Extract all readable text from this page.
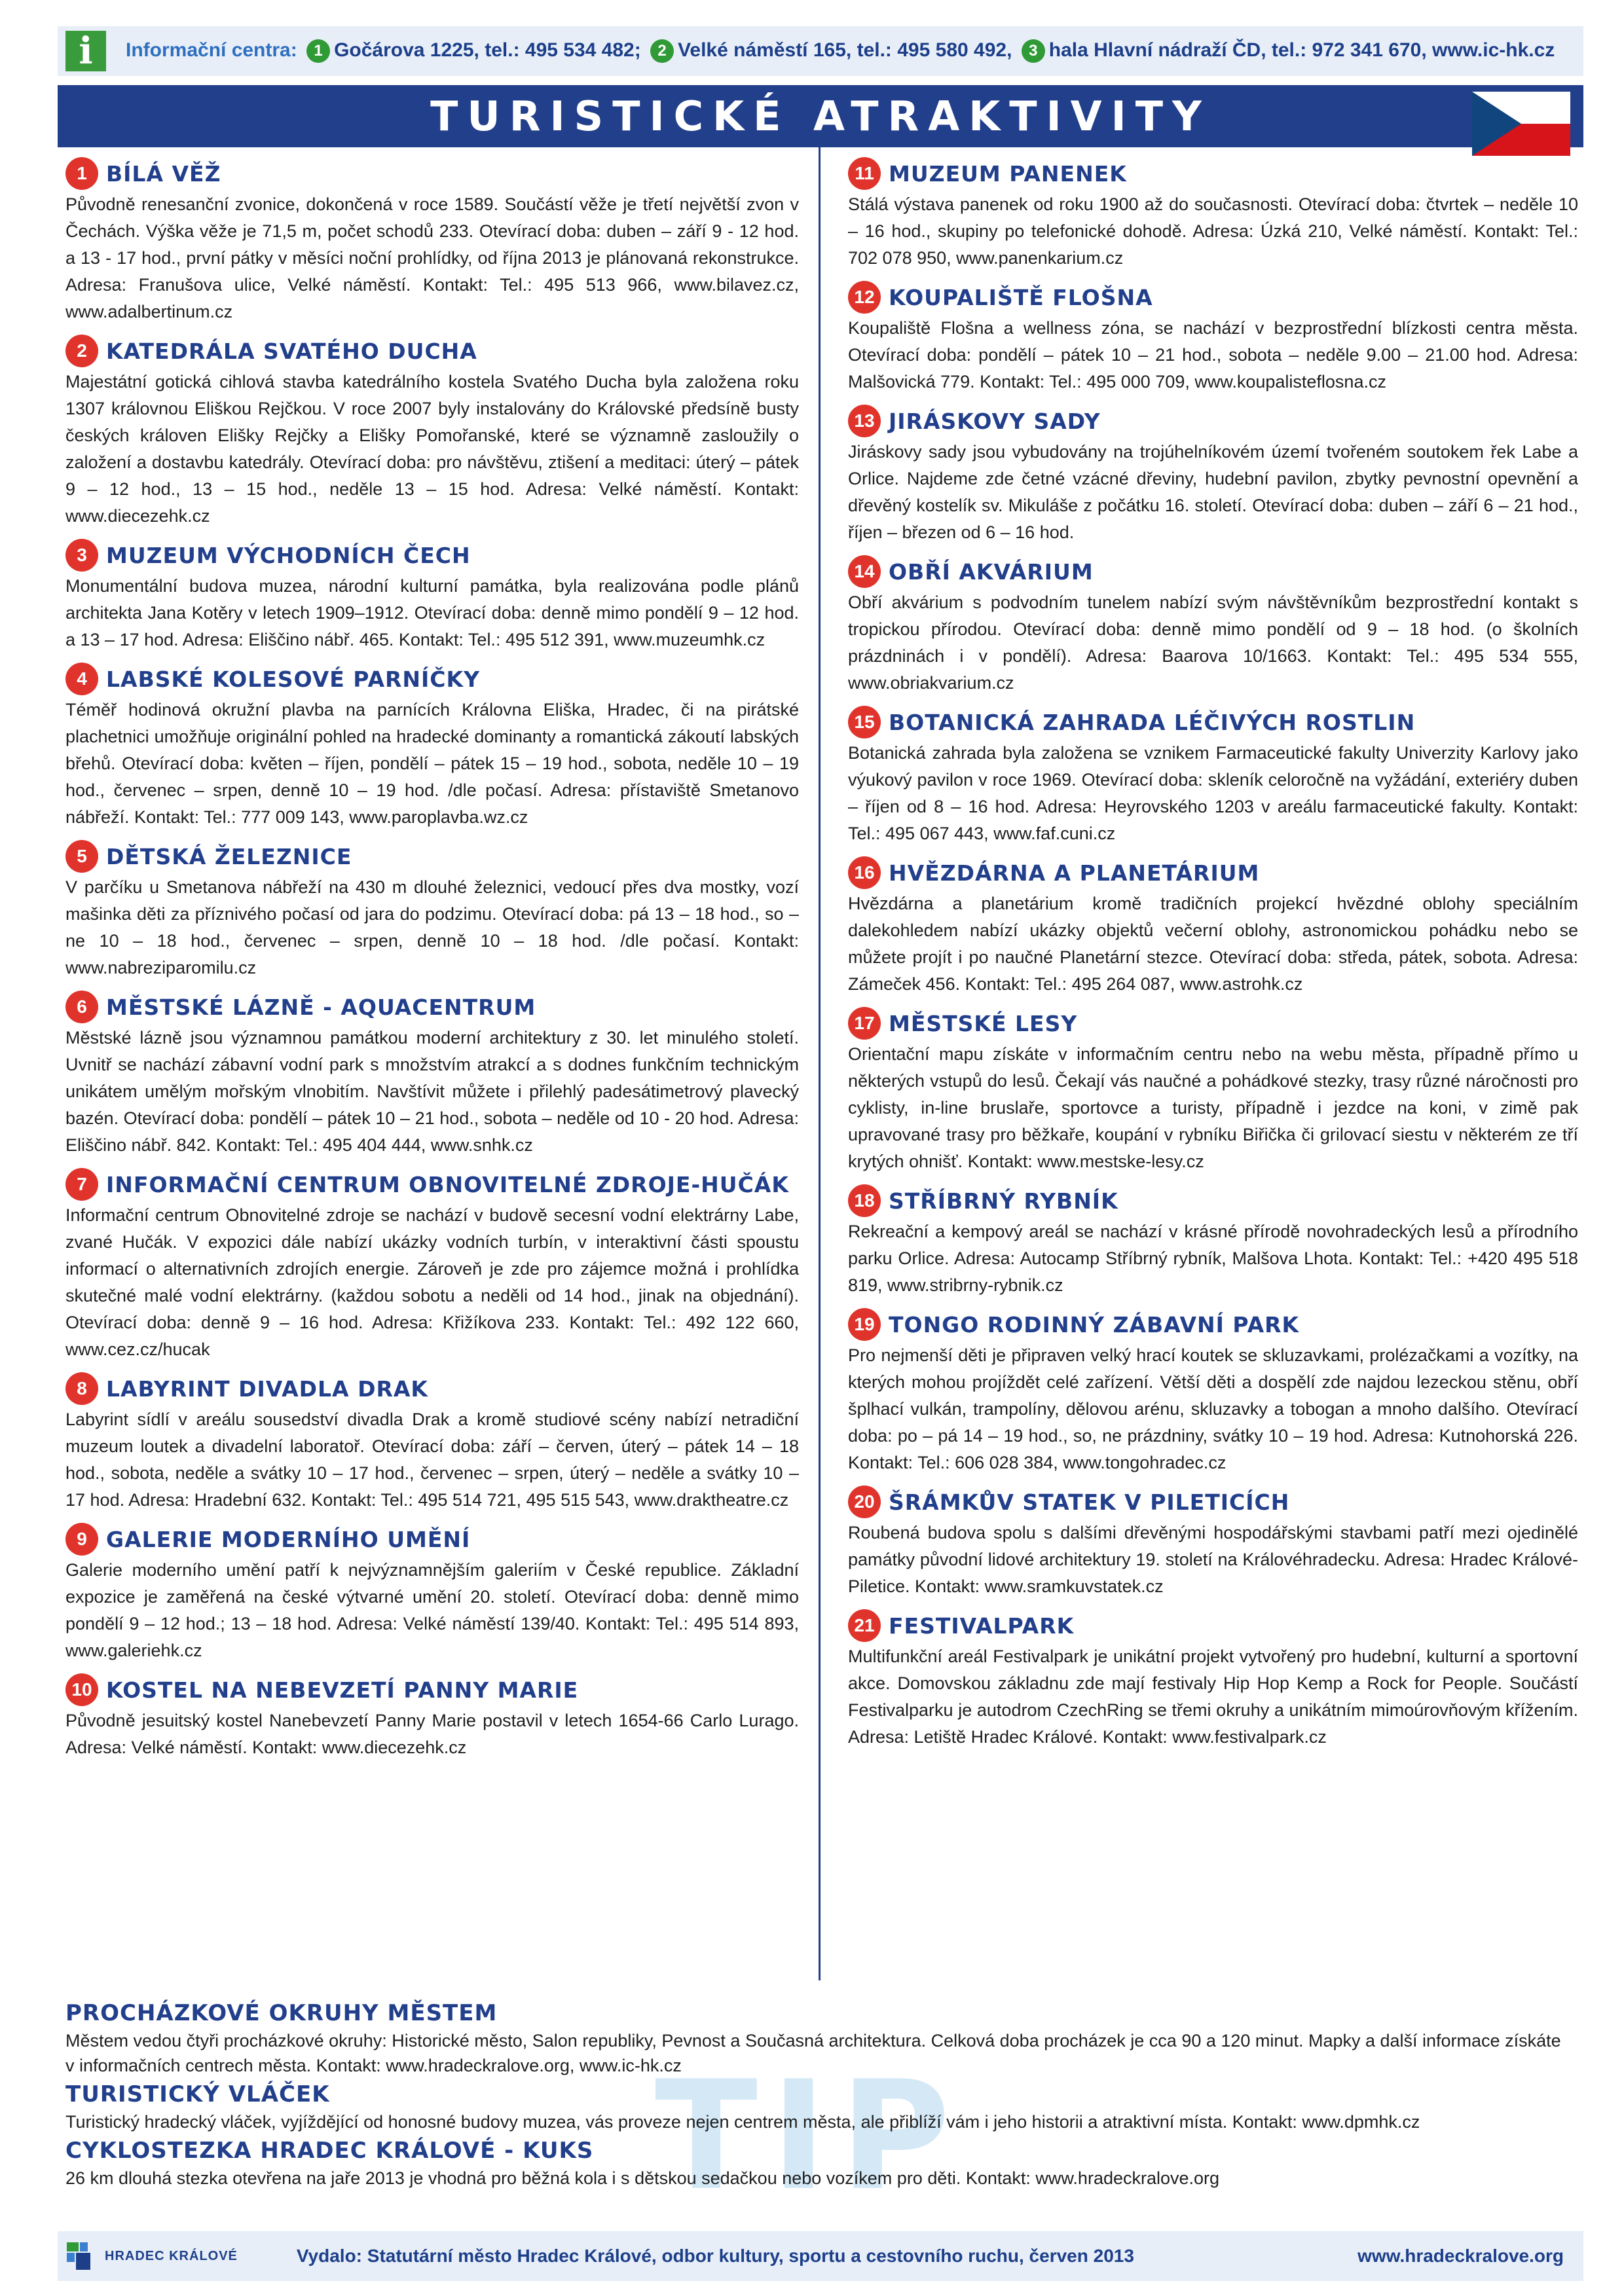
i	Informační centra: 1 Gočárova 1225, tel.: 495 534 482; 2 Velké náměstí 165, tel.: 495 580 492, 3 hala Hlavní nádraží ČD, tel.: 972 341 670, www.ic-hk.cz
TURISTICKÉ ATRAKTIVITY
1 BÍLÁ VĚŽ
Původně renesanční zvonice, dokončená v roce 1589. Součástí věže je třetí největší zvon v Čechách. Výška věže je 71,5 m, počet schodů 233. Otevírací doba: duben – září 9 - 12 hod. a 13 - 17 hod., první pátky v měsíci noční prohlídky, od října 2013 je plánovaná rekonstrukce. Adresa: Franušova ulice, Velké náměstí. Kontakt: Tel.: 495 513 966, www.bilavez.cz, www.adalbertinum.cz
2 KATEDRÁLA SVATÉHO DUCHA
Majestátní gotická cihlová stavba katedrálního kostela Svatého Ducha byla založena roku 1307 královnou Eliškou Rejčkou. V roce 2007 byly instalovány do Královské předsíně busty českých královen Elišky Rejčky a Elišky Pomořanské, které se významně zasloužily o založení a dostavbu katedrály. Otevírací doba: pro návštěvu, ztišení a meditaci: úterý – pátek 9 – 12 hod., 13 – 15 hod., neděle 13 – 15 hod. Adresa: Velké náměstí. Kontakt: www.diecezehk.cz
3 MUZEUM VÝCHODNÍCH ČECH
Monumentální budova muzea, národní kulturní památka, byla realizována podle plánů architekta Jana Kotěry v letech 1909–1912. Otevírací doba: denně mimo pondělí 9 – 12 hod. a 13 – 17 hod. Adresa: Eliščino nábř. 465. Kontakt: Tel.: 495 512 391, www.muzeumhk.cz
4 LABSKÉ KOLESOVÉ PARNÍČKY
Téměř hodinová okružní plavba na parnících Královna Eliška, Hradec, či na pirátské plachetnici umožňuje originální pohled na hradecké dominanty a romantická zákoutí labských břehů. Otevírací doba: květen – říjen, pondělí – pátek 15 – 19 hod., sobota, neděle 10 – 19 hod., červenec – srpen, denně 10 – 19 hod. /dle počasí. Adresa: přístaviště Smetanovo nábřeží. Kontakt: Tel.: 777 009 143, www.paroplavba.wz.cz
5 DĚTSKÁ ŽELEZNICE
V parčíku u Smetanova nábřeží na 430 m dlouhé železnici, vedoucí přes dva mostky, vozí mašinka děti za příznivého počasí od jara do podzimu. Otevírací doba: pá 13 – 18 hod., so – ne 10 – 18 hod., červenec – srpen, denně 10 – 18 hod. /dle počasí. Kontakt: www.nabreziparomilu.cz
6 MĚSTSKÉ LÁZNĚ - AQUACENTRUM
Městské lázně jsou významnou památkou moderní architektury z 30. let minulého století. Uvnitř se nachází zábavní vodní park s množstvím atrakcí a s dodnes funkčním technickým unikátem umělým mořským vlnobitím. Navštívit můžete i přilehlý padesátimetrový plavecký bazén. Otevírací doba: pondělí – pátek 10 – 21 hod., sobota – neděle od 10 - 20 hod. Adresa: Eliščino nábř. 842. Kontakt: Tel.: 495 404 444, www.snhk.cz
7 INFORMAČNÍ CENTRUM OBNOVITELNÉ ZDROJE-HUČÁK
Informační centrum Obnovitelné zdroje se nachází v budově secesní vodní elektrárny Labe, zvané Hučák. V expozici dále nabízí ukázky vodních turbín, v interaktivní části spoustu informací o alternativních zdrojích energie. Zároveň je zde pro zájemce možná i prohlídka skutečné malé vodní elektrárny. (každou sobotu a neděli od 14 hod., jinak na objednání). Otevírací doba: denně 9 – 16 hod. Adresa: Křižíkova 233. Kontakt: Tel.: 492 122 660, www.cez.cz/hucak
8 LABYRINT DIVADLA DRAK
Labyrint sídlí v areálu sousedství divadla Drak a kromě studiové scény nabízí netradiční muzeum loutek a divadelní laboratoř. Otevírací doba: září – červen, úterý – pátek 14 – 18 hod., sobota, neděle a svátky 10 – 17 hod., červenec – srpen, úterý – neděle a svátky 10 – 17 hod. Adresa: Hradební 632. Kontakt: Tel.: 495 514 721, 495 515 543, www.draktheatre.cz
9 GALERIE MODERNÍHO UMĚNÍ
Galerie moderního umění patří k nejvýznamnějším galeriím v České republice. Základní expozice je zaměřená na české výtvarné umění 20. století. Otevírací doba: denně mimo pondělí 9 – 12 hod.; 13 – 18 hod. Adresa: Velké náměstí 139/40. Kontakt: Tel.: 495 514 893, www.galeriehk.cz
10 KOSTEL NA NEBEVZETÍ PANNY MARIE
Původně jesuitský kostel Nanebevzetí Panny Marie postavil v letech 1654-66 Carlo Lurago. Adresa: Velké náměstí. Kontakt: www.diecezehk.cz
11 MUZEUM PANENEK
Stálá výstava panenek od roku 1900 až do současnosti. Otevírací doba: čtvrtek – neděle 10 – 16 hod., skupiny po telefonické dohodě. Adresa: Úzká 210, Velké náměstí. Kontakt: Tel.: 702 078 950, www.panenkarium.cz
12 KOUPALIŠTĚ FLOŠNA
Koupaliště Flošna a wellness zóna, se nachází v bezprostřední blízkosti centra města. Otevírací doba: pondělí – pátek 10 – 21 hod., sobota – neděle 9.00 – 21.00 hod. Adresa: Malšovická 779. Kontakt: Tel.: 495 000 709, www.koupalisteflosna.cz
13 JIRÁSKOVY SADY
Jiráskovy sady jsou vybudovány na trojúhelníkovém území tvořeném soutokem řek Labe a Orlice. Najdeme zde četné vzácné dřeviny, hudební pavilon, zbytky pevnostní opevnění a dřevěný kostelík sv. Mikuláše z počátku 16. století. Otevírací doba: duben – září 6 – 21 hod., říjen – březen od 6 – 16 hod.
14 OBŘÍ AKVÁRIUM
Obří akvárium s podvodním tunelem nabízí svým návštěvníkům bezprostřední kontakt s tropickou přírodou. Otevírací doba: denně mimo pondělí od 9 – 18 hod. (o školních prázdninách i v pondělí). Adresa: Baarova 10/1663. Kontakt: Tel.: 495 534 555, www.obriakvarium.cz
15 BOTANICKÁ ZAHRADA LÉČIVÝCH ROSTLIN
Botanická zahrada byla založena se vznikem Farmaceutické fakulty Univerzity Karlovy jako výukový pavilon v roce 1969. Otevírací doba: skleník celoročně na vyžádání, exteriéry duben – říjen od 8 – 16 hod. Adresa: Heyrovského 1203 v areálu farmaceutické fakulty. Kontakt: Tel.: 495 067 443, www.faf.cuni.cz
16 HVĚZDÁRNA A PLANETÁRIUM
Hvězdárna a planetárium kromě tradičních projekcí hvězdné oblohy speciálním dalekohledem nabízí ukázky objektů večerní oblohy, astronomickou pohádku nebo se můžete projít i po naučné Planetární stezce. Otevírací doba: středa, pátek, sobota. Adresa: Zámeček 456. Kontakt: Tel.: 495 264 087, www.astrohk.cz
17 MĚSTSKÉ LESY
Orientační mapu získáte v informačním centru nebo na webu města, případně přímo u některých vstupů do lesů. Čekají vás naučné a pohádkové stezky, trasy různé náročnosti pro cyklisty, in-line bruslaře, sportovce a turisty, případně i jezdce na koni, v zimě pak upravované trasy pro běžkaře, koupání v rybníku Biřička či grilovací siestu v některém ze tří krytých ohnišť. Kontakt: www.mestske-lesy.cz
18 STŘÍBRNÝ RYBNÍK
Rekreační a kempový areál se nachází v krásné přírodě novohradeckých lesů a přírodního parku Orlice. Adresa: Autocamp Stříbrný rybník, Malšova Lhota. Kontakt: Tel.: +420 495 518 819, www.stribrny-rybnik.cz
19 TONGO RODINNÝ ZÁBAVNÍ PARK
Pro nejmenší děti je připraven velký hrací koutek se skluzavkami, prolézačkami a vozítky, na kterých mohou projíždět celé zařízení. Větší děti a dospělí zde najdou lezeckou stěnu, obří šplhací vulkán, trampolíny, dělovou arénu, skluzavky a tobogan a mnoho dalšího. Otevírací doba: po – pá 14 – 19 hod., so, ne prázdniny, svátky 10 – 19 hod. Adresa: Kutnohorská 226. Kontakt: Tel.: 606 028 384, www.tongohradec.cz
20 ŠRÁMKŮV STATEK V PILETICÍCH
Roubená budova spolu s dalšími dřevěnými hospodářskými stavbami patří mezi ojedinělé památky původní lidové architektury 19. století na Královéhradecku. Adresa: Hradec Králové-Piletice. Kontakt: www.sramkuvstatek.cz
21 FESTIVALPARK
Multifunkční areál Festivalpark je unikátní projekt vytvořený pro hudební, kulturní a sportovní akce. Domovskou základnu zde mají festivaly Hip Hop Kemp a Rock for People. Součástí Festivalparku je autodrom CzechRing se třemi okruhy a unikátním mimoúrovňovým křížením. Adresa: Letiště Hradec Králové. Kontakt: www.festivalpark.cz
TIP
PROCHÁZKOVÉ OKRUHY MĚSTEM
Městem vedou čtyři procházkové okruhy: Historické město, Salon republiky, Pevnost a Současná architektura. Celková doba procházek je cca 90 a 120 minut. Mapky a další informace získáte v informačních centrech města. Kontakt: www.hradeckralove.org, www.ic-hk.cz
TURISTICKÝ VLÁČEK
Turistický hradecký vláček, vyjíždějící od honosné budovy muzea, vás proveze nejen centrem města, ale přiblíží vám i jeho historii a atraktivní místa. Kontakt: www.dpmhk.cz
CYKLOSTEZKA HRADEC KRÁLOVÉ - KUKS
26 km dlouhá stezka otevřena na jaře 2013 je vhodná pro běžná kola i s dětskou sedačkou nebo vozíkem pro děti. Kontakt: www.hradeckralove.org
HRADEC KRÁLOVÉ	Vydalo: Statutární město Hradec Králové, odbor kultury, sportu a cestovního ruchu, červen 2013	www.hradeckralove.org
